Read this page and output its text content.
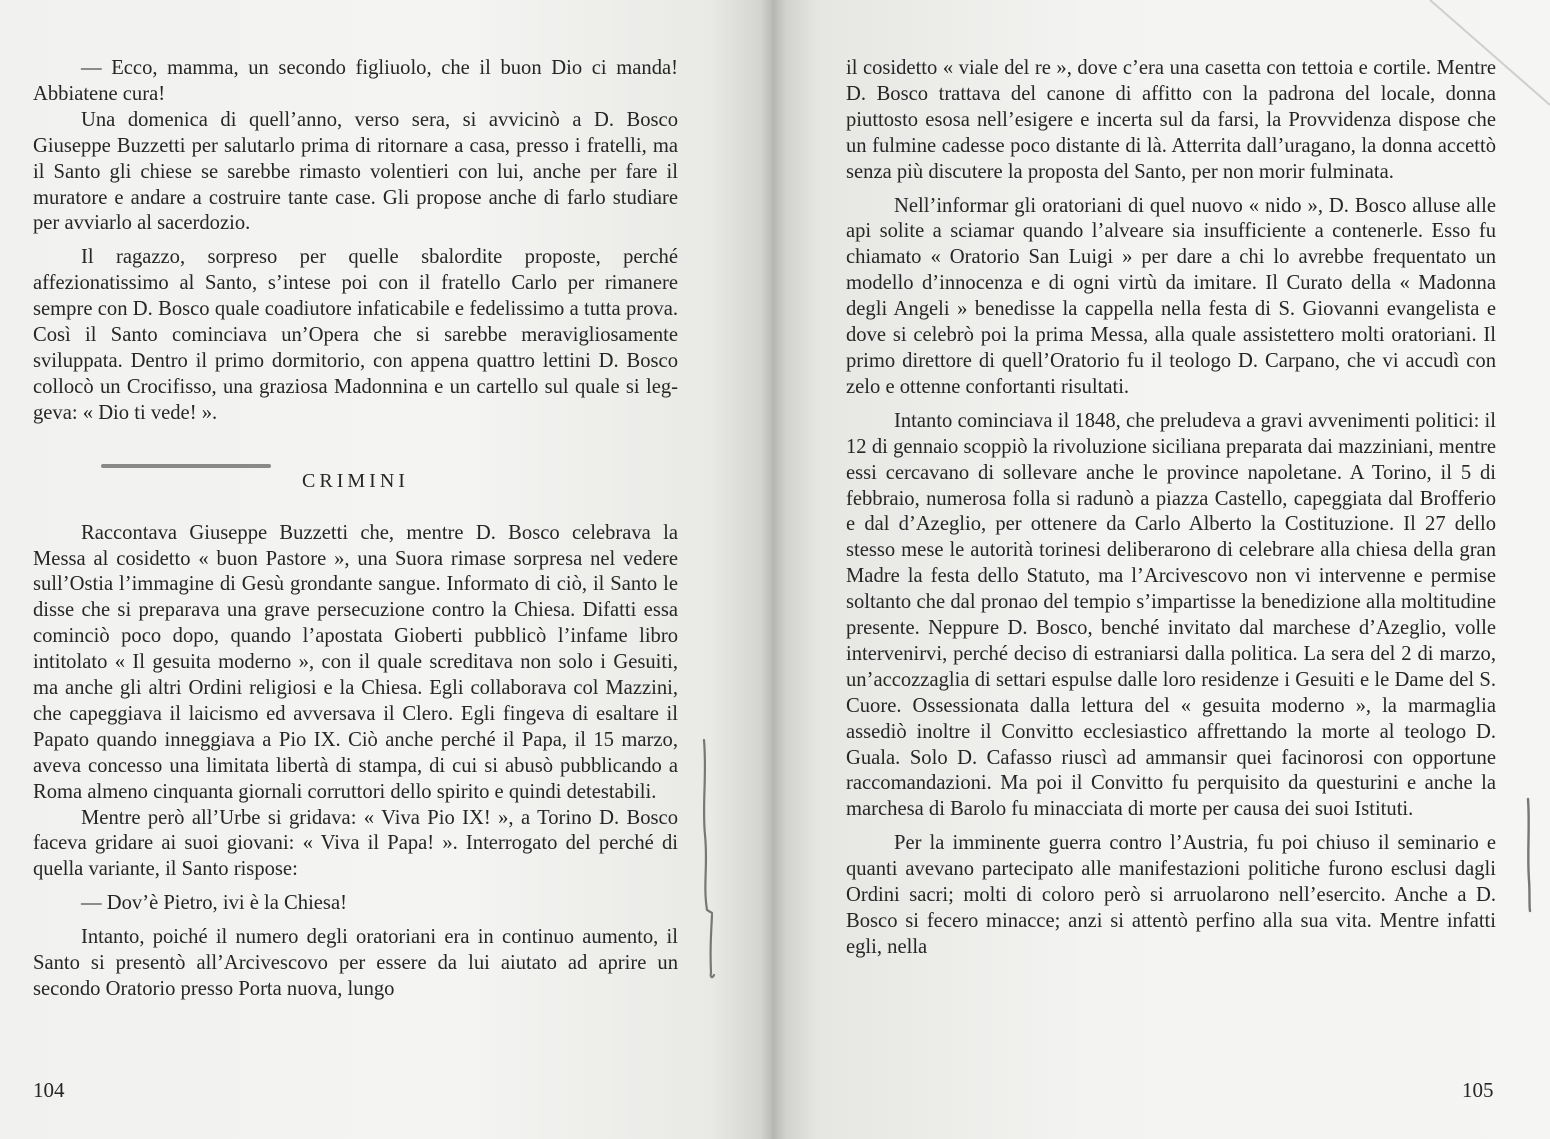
— Ecco, mamma, un secondo figliuolo, che il buon Dio ci manda! Abbiatene cura!

Una domenica di quell’anno, verso sera, si avvicinò a D. Bosco Giuseppe Buzzetti per salutarlo prima di ritornare a casa, presso i fratelli, ma il Santo gli chiese se sarebbe rimasto volentieri con lui, anche per fare il muratore e andare a costruire tante case. Gli propose anche di farlo studiare per avviarlo al sacerdozio.

Il ragazzo, sorpreso per quelle sbalordite proposte, perché affezionatissimo al Santo, s’intese poi con il fratello Carlo per rimanere sempre con D. Bosco quale coadiutore infaticabile e fedelissimo a tutta prova. Così il Santo cominciava un’Opera che si sarebbe meravigliosamente sviluppata. Dentro il primo dormitorio, con appena quattro lettini D. Bosco collocò un Crocifisso, una graziosa Madonnina e un cartello sul quale si leggeva: « Dio ti vede! ».

CRIMINI

Raccontava Giuseppe Buzzetti che, mentre D. Bosco celebrava la Messa al cosidetto « buon Pastore », una Suora rimase sorpresa nel vedere sull’Ostia l’immagine di Gesù grondante sangue. Informato di ciò, il Santo le disse che si preparava una grave persecuzione contro la Chiesa. Difatti essa cominciò poco dopo, quando l’apostata Gioberti pubblicò l’infame libro intitolato « Il gesuita moderno », con il quale screditava non solo i Gesuiti, ma anche gli altri Ordini religiosi e la Chiesa. Egli collaborava col Mazzini, che capeggiava il laicismo ed avversava il Clero. Egli fingeva di esaltare il Papato quando inneggiava a Pio IX. Ciò anche perché il Papa, il 15 marzo, aveva concesso una limitata libertà di stampa, di cui si abusò pubblicando a Roma almeno cinquanta giornali corruttori dello spirito e quindi detestabili.

Mentre però all’Urbe si gridava: « Viva Pio IX! », a Torino D. Bosco faceva gridare ai suoi giovani: « Viva il Papa! ». Interrogato del perché di quella variante, il Santo rispose:

— Dov’è Pietro, ivi è la Chiesa!

Intanto, poiché il numero degli oratoriani era in continuo aumento, il Santo si presentò all’Arcivescovo per essere da lui aiutato ad aprire un secondo Oratorio presso Porta nuova, lungo

104

il cosidetto « viale del re », dove c’era una casetta con tettoia e cortile. Mentre D. Bosco trattava del canone di affitto con la padrona del locale, donna piuttosto esosa nell’esigere e incerta sul da farsi, la Provvidenza dispose che un fulmine cadesse poco distante di là. Atterrita dall’uragano, la donna accettò senza più discutere la proposta del Santo, per non morir fulminata.

Nell’informar gli oratoriani di quel nuovo « nido », D. Bosco alluse alle api solite a sciamar quando l’alveare sia insufficiente a contenerle. Esso fu chiamato « Oratorio San Luigi » per dare a chi lo avrebbe frequentato un modello d’innocenza e di ogni virtù da imitare. Il Curato della « Madonna degli Angeli » benedisse la cappella nella festa di S. Giovanni evangelista e dove si celebrò poi la prima Messa, alla quale assistettero molti oratoriani. Il primo direttore di quell’Oratorio fu il teologo D. Carpano, che vi accudì con zelo e ottenne confortanti risultati.

Intanto cominciava il 1848, che preludeva a gravi avvenimenti politici: il 12 di gennaio scoppiò la rivoluzione siciliana preparata dai mazziniani, mentre essi cercavano di sollevare anche le province napoletane. A Torino, il 5 di febbraio, numerosa folla si radunò a piazza Castello, capeggiata dal Brofferio e dal d’Azeglio, per ottenere da Carlo Alberto la Costituzione. Il 27 dello stesso mese le autorità torinesi deliberarono di celebrare alla chiesa della gran Madre la festa dello Statuto, ma l’Arcivescovo non vi intervenne e permise soltanto che dal pronao del tempio s’impartisse la benedizione alla moltitudine presente. Neppure D. Bosco, benché invitato dal marchese d’Azeglio, volle intervenirvi, perché deciso di estraniarsi dalla politica. La sera del 2 di marzo, un’accozzaglia di settari espulse dalle loro residenze i Gesuiti e le Dame del S. Cuore. Ossessionata dalla lettura del « gesuita moderno », la marmaglia assediò inoltre il Convitto ecclesiastico affrettando la morte al teologo D. Guala. Solo D. Cafasso riuscì ad ammansir quei facinorosi con opportune raccomandazioni. Ma poi il Convitto fu perquisito da questurini e anche la marchesa di Barolo fu minacciata di morte per causa dei suoi Istituti.

Per la imminente guerra contro l’Austria, fu poi chiuso il seminario e quanti avevano partecipato alle manifestazioni politiche furono esclusi dagli Ordini sacri; molti di coloro però si arruolarono nell’esercito. Anche a D. Bosco si fecero minacce; anzi si attentò perfino alla sua vita. Mentre infatti egli, nella

105
